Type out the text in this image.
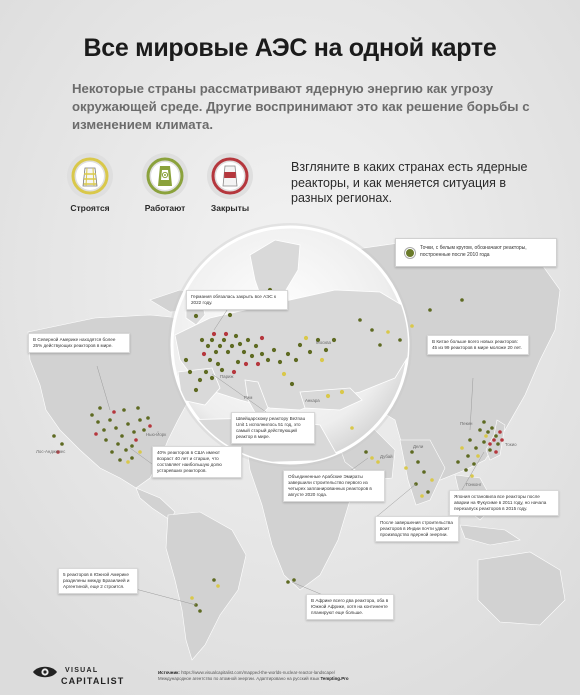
Все мировые АЭС на одной карте
Некоторые страны рассматривают ядерную энергию как угрозу окружающей среде. Другие воспринимают это как решение борьбы с изменением климата.
Строятся	Работают	Закрыты
Взгляните в каких странах есть ядерные реакторы, и как меняется ситуация в разных регионах.
Точки, с белым кругом, обозначают реакторы, построенные после 2010 года
Лос-Анджелес
Нью-Йорк
Москва
Париж
Рим
Анкара
Дели
Дубай
Пекин
Токио
Гонконг
Германия обязалась закрыть все АЭС к 2022 году.
В Северной Америке находятся более 25% действующих реакторов в мире.
В Китае больше всего новых реакторов: 45 из 99 реакторов в мире моложе 20 лет.
Швейцарскому реактору Beznau Unit 1 исполнилось 51 год, это самый старый действующий реактор в мире.
40% реакторов в США имеют возраст 40 лет и старше, что составляет наибольшую долю устаревших реакторов.
Объединенные Арабские Эмираты завершили строительство первого из четырех запланированных реакторов в августе 2020 года.	Япония остановила все реакторы после аварии на Фукусиме в 2011 году, но начала перезапуск реакторов в 2015 году.
После завершения строительства реакторов в Индии почти удвоит производство ядерной энергии.
5 реакторов в Южной Америке разделены между Бразилией и Аргентиной, еще 2 строится.
В Африке всего два реактора, оба в Южной Африке, хотя на континенте планируют еще больше.
VISUAL
CAPITALIST
Источник: https://www.visualcapitalist.com/mapped-the-worlds-nuclear-reactor-landscape/
Международное агентство по атомной энергии. Адаптировано на русский язык Tempting.Pro
